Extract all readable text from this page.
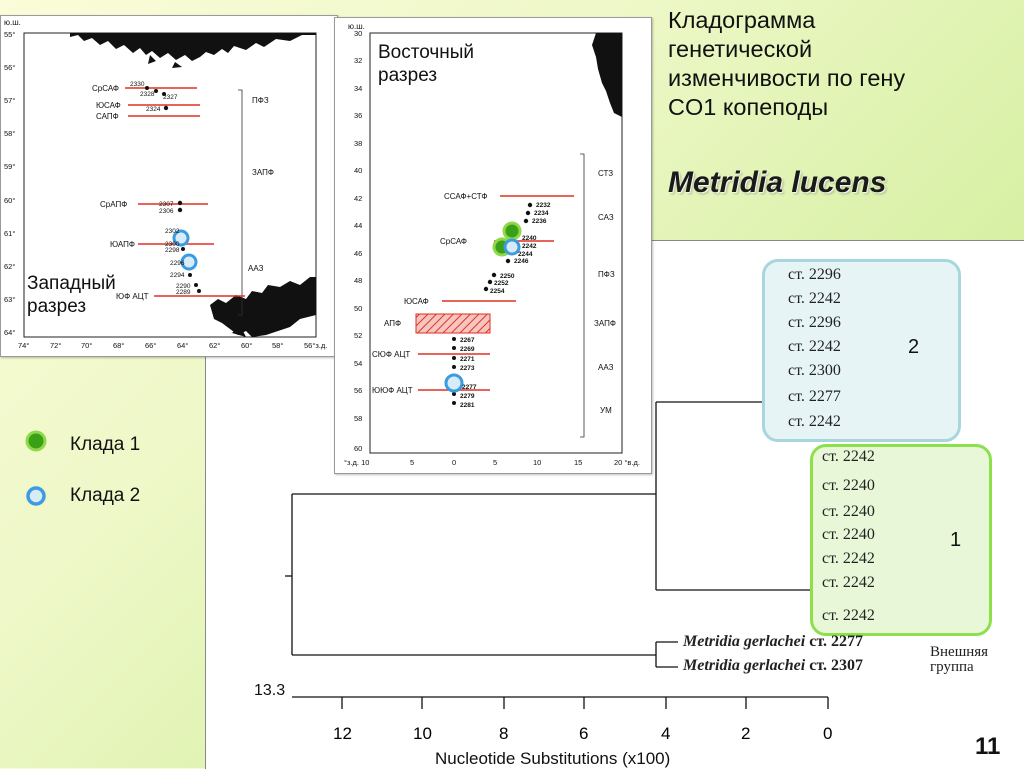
Кладограмма
генетической
изменчивости по гену
CO1 копеподы
Metridia lucens
ст. 2296
ст. 2242
ст. 2296
ст. 2242
ст. 2300
ст. 2277
ст. 2242
2
ст. 2242
ст. 2240
ст. 2240
ст. 2240
ст. 2242
ст. 2242
ст. 2242
1
Metridia gerlachei ст. 2277
Metridia gerlachei ст. 2307
Внешняя
группа
13.3
12	10	8	6	4	2	0
Nucleotide Substitutions (x100)	11
Клада 1
Клада 2
ю.ш.
55°
56°
57°
58°
59°
60°
61°
62°
63°
64°
74°	72°	70°	68°	66°	64°	62°	60°	58°	56°з.д.
СрСАФ
ЮСАФ
САПФ
СрАПФ
ЮАПФ
ЮФ АЦТ
ПФЗ
ЗАПФ
ААЗ
2330
2328 2327
2324
2307
2306
2302
2300
2298
2296
2294
2290
2289
Западный
разрез
ю.ш.
30
32
34
36
38
40
42
44
46
48
50
52
54
56
58
60
°з.д. 10	5	0	5	10	15	20 °в.д.
ССАФ+СТФ
СрСАФ
ЮСАФ
АПФ
СЮФ АЦТ
ЮЮФ АЦТ
СТЗ
САЗ
ПФЗ
ЗАПФ
ААЗ
УМ
2232
2234
2236
2240
2242
2244
2246
2250
2252
2254
2267
2269
2271
2273
2277
2279
2281
Восточный
разрез
